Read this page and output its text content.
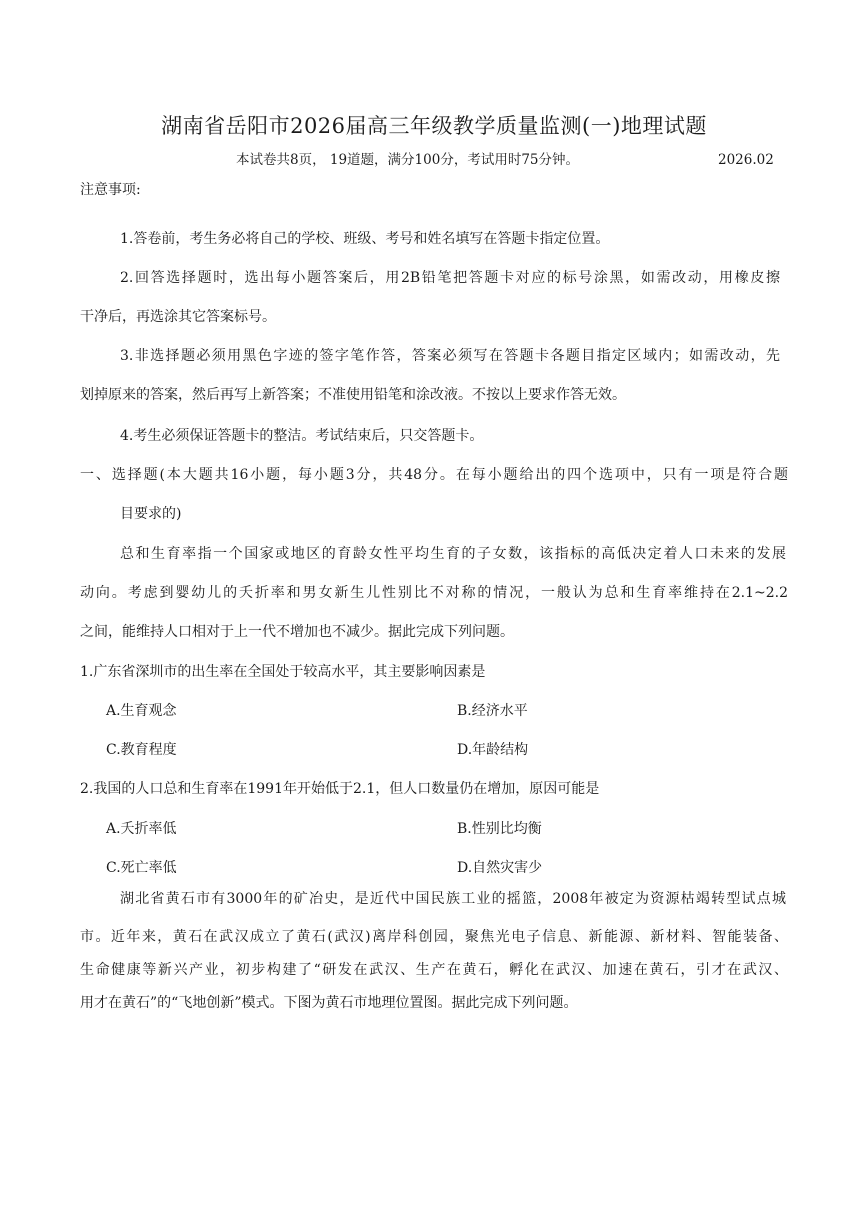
湖南省岳阳市2026届高三年级教学质量监测(一)地理试题
本试卷共8页， 19道题，满分100分，考试用时75分钟。	2026.02
注意事项:
1.答卷前，考生务必将自己的学校、班级、考号和姓名填写在答题卡指定位置。
2.回答选择题时，选出每小题答案后，用2B铅笔把答题卡对应的标号涂黑，如需改动，用橡皮擦
干净后，再选涂其它答案标号。
3.非选择题必须用黑色字迹的签字笔作答，答案必须写在答题卡各题目指定区域内；如需改动，先
划掉原来的答案，然后再写上新答案；不准使用铅笔和涂改液。不按以上要求作答无效。
4.考生必须保证答题卡的整洁。考试结束后，只交答题卡。
一、选择题(本大题共16小题，每小题3分，共48分。在每小题给出的四个选项中，只有一项是符合题
目要求的)
总和生育率指一个国家或地区的育龄女性平均生育的子女数，该指标的高低决定着人口未来的发展
动向。考虑到婴幼儿的夭折率和男女新生儿性别比不对称的情况，一般认为总和生育率维持在2.1~2.2
之间，能维持人口相对于上一代不增加也不减少。据此完成下列问题。
1.广东省深圳市的出生率在全国处于较高水平，其主要影响因素是
A.生育观念	B.经济水平
C.教育程度	D.年龄结构
2.我国的人口总和生育率在1991年开始低于2.1，但人口数量仍在增加，原因可能是
A.夭折率低	B.性别比均衡
C.死亡率低	D.自然灾害少
湖北省黄石市有3000年的矿冶史，是近代中国民族工业的摇篮，2008年被定为资源枯竭转型试点城
市。近年来，黄石在武汉成立了黄石(武汉)离岸科创园，聚焦光电子信息、新能源、新材料、智能装备、
生命健康等新兴产业，初步构建了“研发在武汉、生产在黄石，孵化在武汉、加速在黄石，引才在武汉、
用才在黄石”的“飞地创新”模式。下图为黄石市地理位置图。据此完成下列问题。
